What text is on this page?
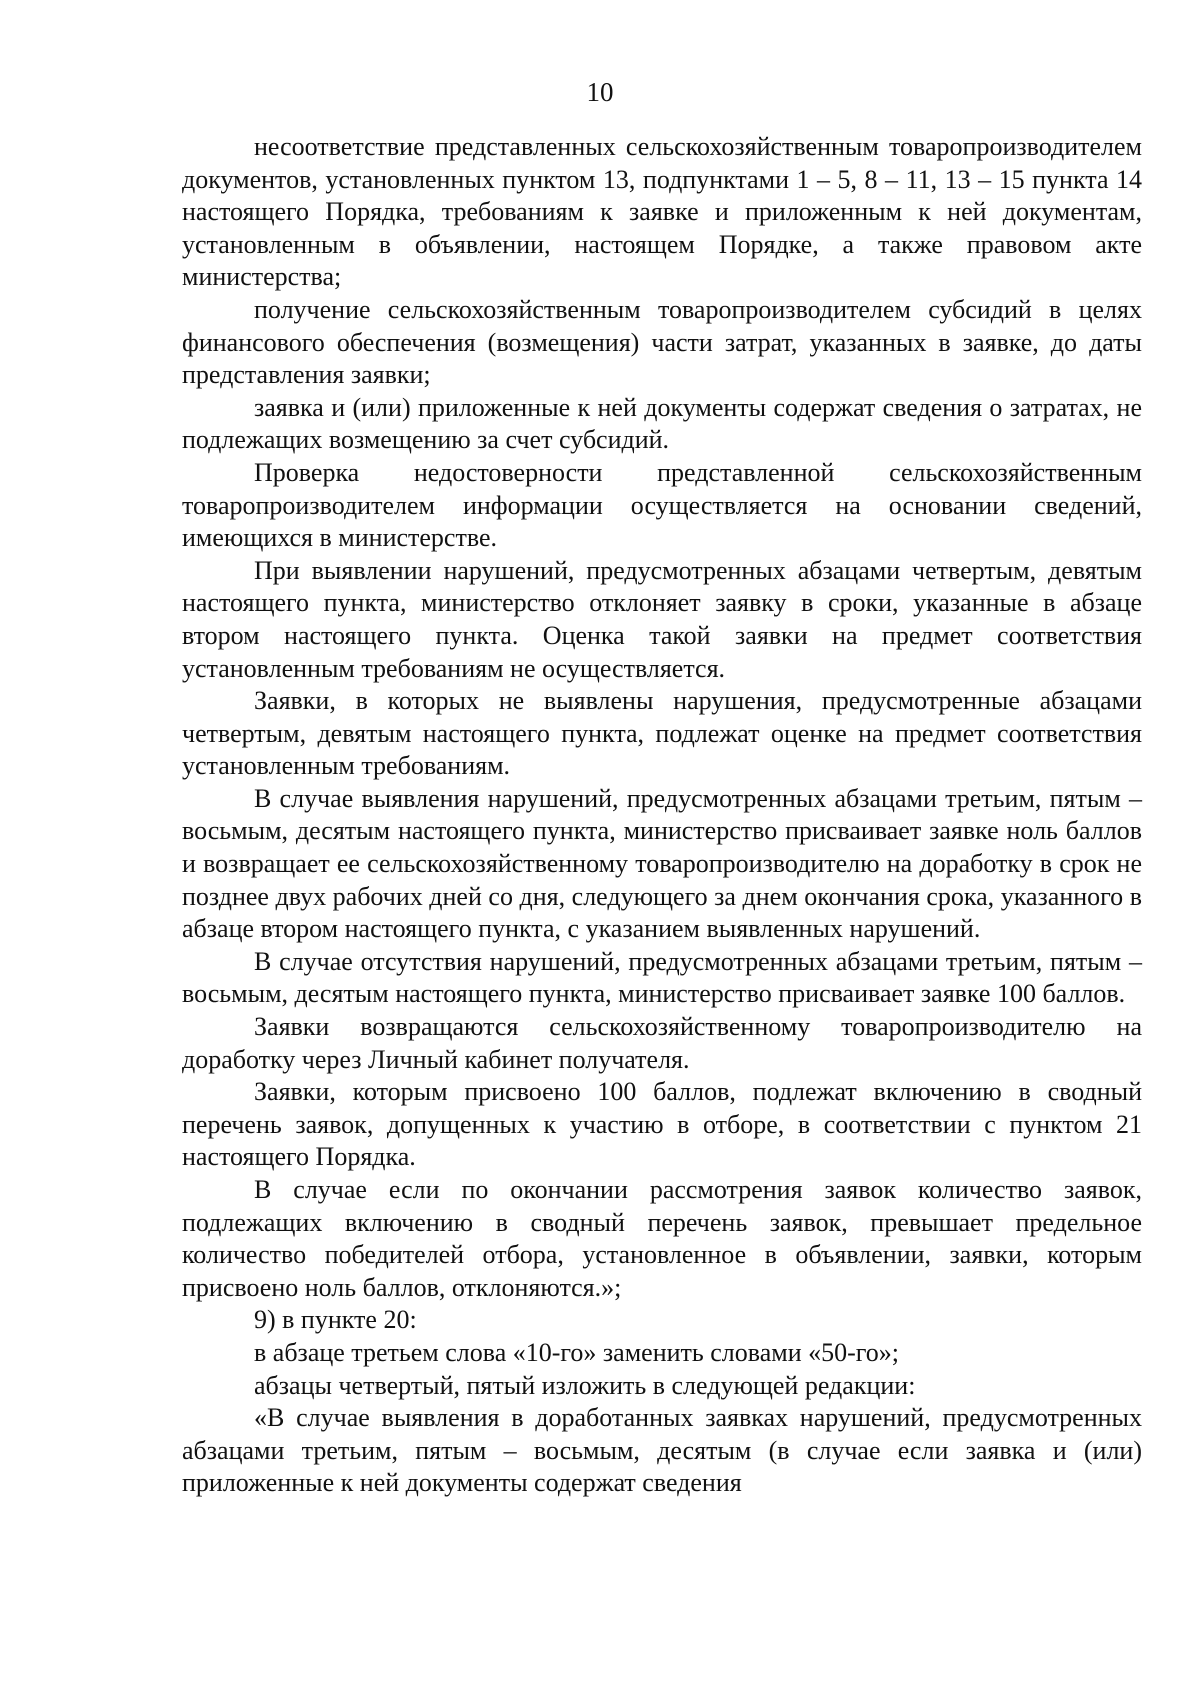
10

несоответствие представленных сельскохозяйственным товаропроизводителем документов, установленных пунктом 13, подпунктами 1 – 5, 8 – 11, 13 – 15 пункта 14 настоящего Порядка, требованиям к заявке и приложенным к ней документам, установленным в объявлении, настоящем Порядке, а также правовом акте министерства;

получение сельскохозяйственным товаропроизводителем субсидий в целях финансового обеспечения (возмещения) части затрат, указанных в заявке, до даты представления заявки;

заявка и (или) приложенные к ней документы содержат сведения о затратах, не подлежащих возмещению за счет субсидий.

Проверка недостоверности представленной сельскохозяйственным товаропроизводителем информации осуществляется на основании сведений, имеющихся в министерстве.

При выявлении нарушений, предусмотренных абзацами четвертым, девятым настоящего пункта, министерство отклоняет заявку в сроки, указанные в абзаце втором настоящего пункта. Оценка такой заявки на предмет соответствия установленным требованиям не осуществляется.

Заявки, в которых не выявлены нарушения, предусмотренные абзацами четвертым, девятым настоящего пункта, подлежат оценке на предмет соответствия установленным требованиям.

В случае выявления нарушений, предусмотренных абзацами третьим, пятым – восьмым, десятым настоящего пункта, министерство присваивает заявке ноль баллов и возвращает ее сельскохозяйственному товаропроизводителю на доработку в срок не позднее двух рабочих дней со дня, следующего за днем окончания срока, указанного в абзаце втором настоящего пункта, с указанием выявленных нарушений.

В случае отсутствия нарушений, предусмотренных абзацами третьим, пятым – восьмым, десятым настоящего пункта, министерство присваивает заявке 100 баллов.

Заявки возвращаются сельскохозяйственному товаропроизводителю на доработку через Личный кабинет получателя.

Заявки, которым присвоено 100 баллов, подлежат включению в сводный перечень заявок, допущенных к участию в отборе, в соответствии с пунктом 21 настоящего Порядка.

В случае если по окончании рассмотрения заявок количество заявок, подлежащих включению в сводный перечень заявок, превышает предельное количество победителей отбора, установленное в объявлении, заявки, которым присвоено ноль баллов, отклоняются.»;

9) в пункте 20:

в абзаце третьем слова «10-го» заменить словами «50-го»;

абзацы четвертый, пятый изложить в следующей редакции:

«В случае выявления в доработанных заявках нарушений, предусмотренных абзацами третьим, пятым – восьмым, десятым (в случае если заявка и (или) приложенные к ней документы содержат сведения
